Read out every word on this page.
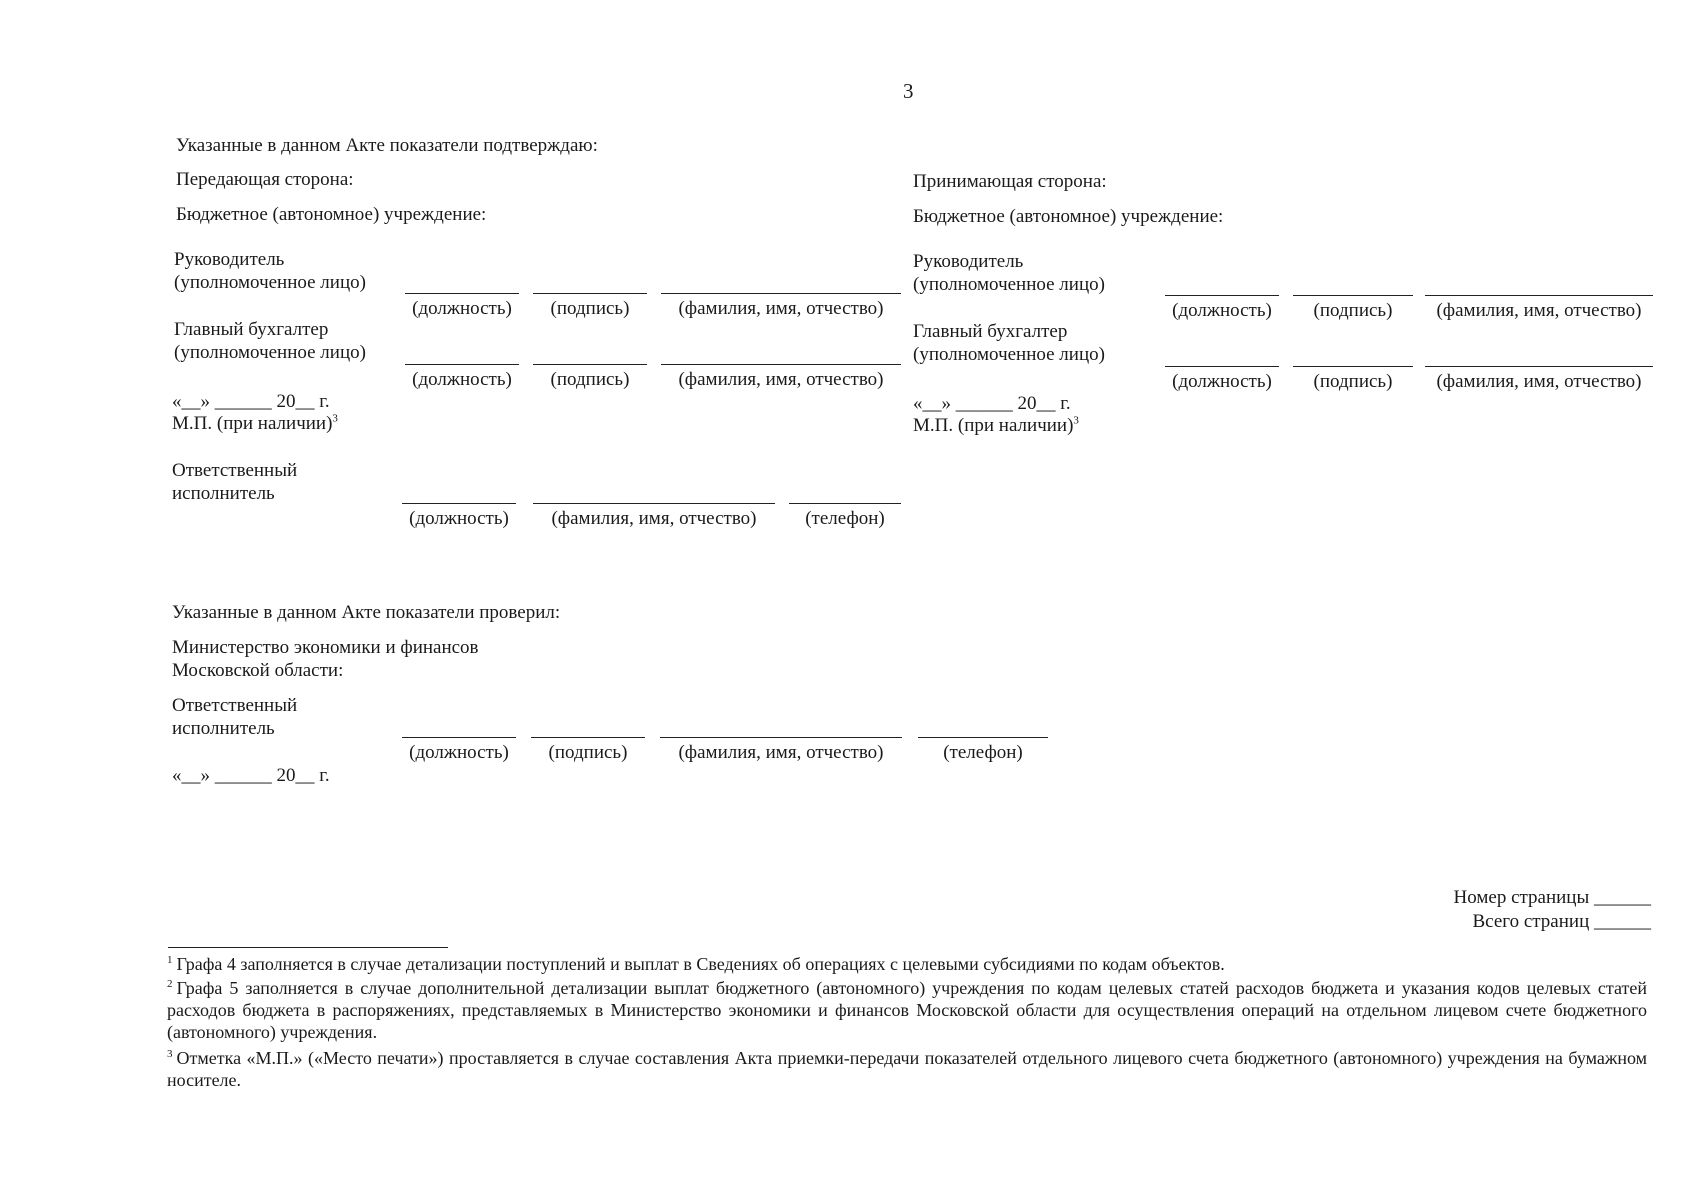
3
Указанные в данном Акте показатели подтверждаю:
Передающая сторона:
Бюджетное (автономное) учреждение:
Руководитель
(уполномоченное лицо)
(должность)	(подпись)	(фамилия, имя, отчество)
Главный бухгалтер
(уполномоченное лицо)
(должность)	(подпись)	(фамилия, имя, отчество)
«__» ______ 20__ г.
М.П. (при наличии)$^3$
Ответственный
исполнитель
(должность)	(фамилия, имя, отчество)	(телефон)
Принимающая сторона:
Бюджетное (автономное) учреждение:
Руководитель
(уполномоченное лицо)
(должность)	(подпись)	(фамилия, имя, отчество)
Главный бухгалтер
(уполномоченное лицо)
(должность)	(подпись)	(фамилия, имя, отчество)
«__» ______ 20__ г.
М.П. (при наличии)$^3$
Указанные в данном Акте показатели проверил:
Министерство экономики и финансов
Московской области:
Ответственный
исполнитель
(должность)	(подпись)	(фамилия, имя, отчество)	(телефон)
«__» ______ 20__ г.
Номер страницы ______
Всего страниц ______
$^1$ Графа 4 заполняется в случае детализации поступлений и выплат в Сведениях об операциях с целевыми субсидиями по кодам объектов.
$^2$ Графа 5 заполняется в случае дополнительной детализации выплат бюджетного (автономного) учреждения по кодам целевых статей расходов бюджета и указания кодов целевых статей расходов бюджета в распоряжениях, представляемых в Министерство экономики и финансов Московской области для осуществления операций на отдельном лицевом счете бюджетного (автономного) учреждения.
$^3$ Отметка «М.П.» («Место печати») проставляется в случае составления Акта приемки-передачи показателей отдельного лицевого счета бюджетного (автономного) учреждения на бумажном носителе.
